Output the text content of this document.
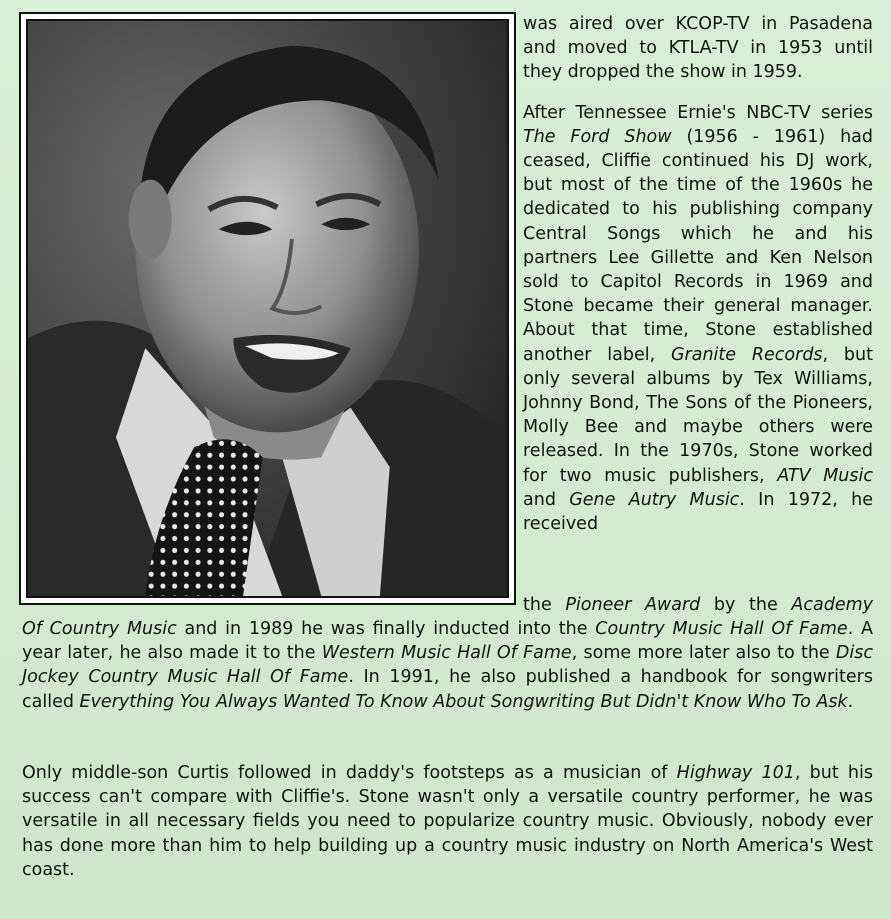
was aired over KCOP-TV in Pasadena and moved to KTLA-TV in 1953 until they dropped the show in 1959.

After Tennessee Ernie's NBC-TV series The Ford Show (1956 - 1961) had ceased, Cliffie continued his DJ work, but most of the time of the 1960s he dedicated to his publishing company Central Songs which he and his partners Lee Gillette and Ken Nelson sold to Capitol Records in 1969 and Stone became their general manager. About that time, Stone established another label, Granite Records, but only several albums by Tex Williams, Johnny Bond, The Sons of the Pioneers, Molly Bee and maybe others were released. In the 1970s, Stone worked for two music publishers, ATV Music and Gene Autry Music. In 1972, he received

the Pioneer Award by the Academy

Of Country Music and in 1989 he was finally inducted into the Country Music Hall Of Fame. A year later, he also made it to the Western Music Hall Of Fame, some more later also to the Disc Jockey Country Music Hall Of Fame. In 1991, he also published a handbook for songwriters called Everything You Always Wanted To Know About Songwriting But Didn't Know Who To Ask.

Only middle-son Curtis followed in daddy's footsteps as a musician of Highway 101, but his success can't compare with Cliffie's. Stone wasn't only a versatile country performer, he was versatile in all necessary fields you need to popularize country music. Obviously, nobody ever has done more than him to help building up a country music industry on North America's West coast.
